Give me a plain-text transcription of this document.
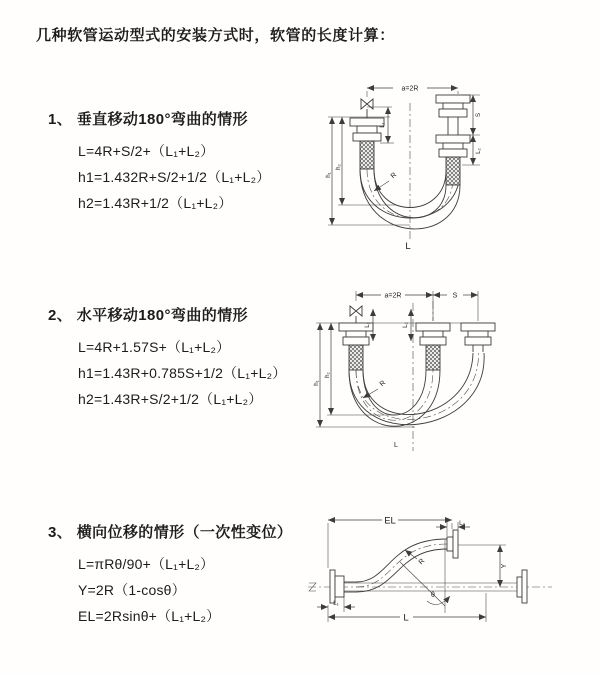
几种软管运动型式的安装方式时，软管的长度计算：
1、 垂直移动180°弯曲的情形
L=4R+S/2+（L₁+L₂）
h1=1.432R+S/2+1/2（L₁+L₂）
h2=1.43R+1/2（L₁+L₂）
a=2R
L₁
S
L₂
h₁
h₂
R
L
2、 水平移动180°弯曲的情形
L=4R+1.57S+（L₁+L₂）
h1=1.43R+0.785S+1/2（L₁+L₂）
h2=1.43R+S/2+1/2（L₁+L₂）
a=2R	S
L₁	L₂
h₁
h₂
R
L
3、 横向位移的情形（一次性变位）
L=πRθ/90+（L₁+L₂）
Y=2R（1-cosθ）
EL=2Rsinθ+（L₁+L₂）
EL	L₂
Y
θ
R
L
L₁
